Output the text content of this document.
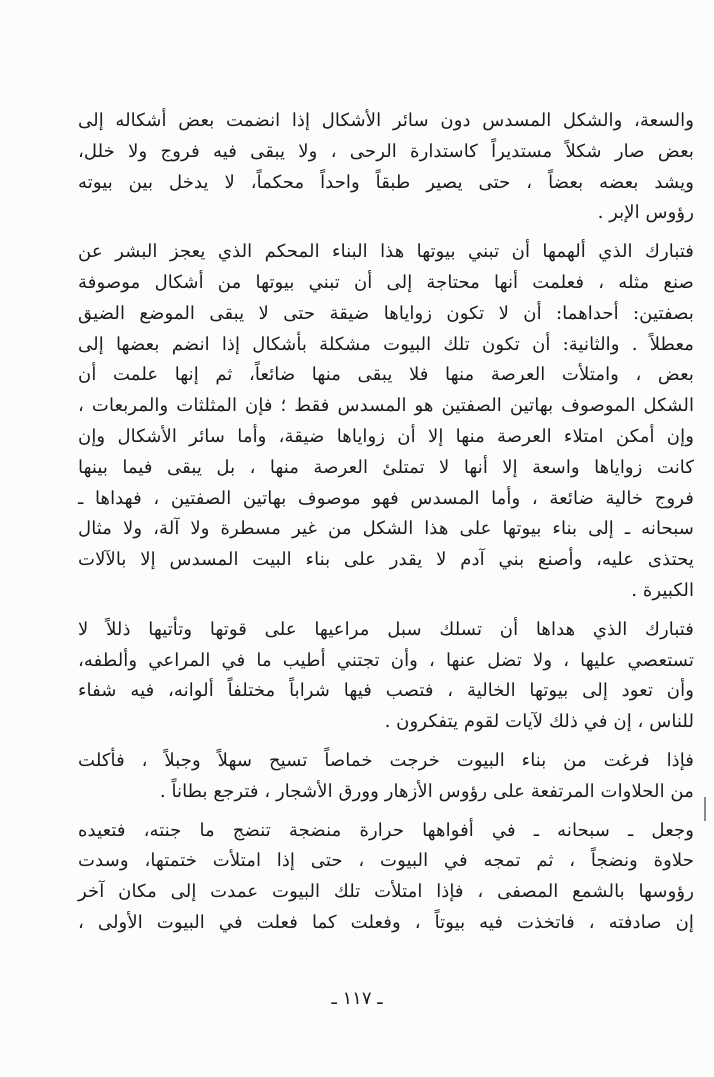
والسعة، والشكل المسدس دون سائر الأشكال إذا انضمت بعض أشكاله إلى
بعض صار شكلاً مستديراً كاستدارة الرحى ، ولا يبقى فيه فروج ولا خلل،
ويشد بعضه بعضاً ، حتى يصير طبقاً واحداً محكماً، لا يدخل بين بيوته
رؤوس الإبر .

فتبارك الذي ألهمها أن تبني بيوتها هذا البناء المحكم الذي يعجز البشر عن
صنع مثله ، فعلمت أنها محتاجة إلى أن تبني بيوتها من أشكال موصوفة
بصفتين: أحداهما: أن لا تكون زواياها ضيقة حتى لا يبقى الموضع الضيق
معطلاً . والثانية: أن تكون تلك البيوت مشكلة بأشكال إذا انضم بعضها إلى
بعض ، وامتلأت العرصة منها فلا يبقى منها ضائعاً، ثم إنها علمت أن
الشكل الموصوف بهاتين الصفتين هو المسدس فقط ؛ فإن المثلثات والمربعات ،
وإن أمكن امتلاء العرصة منها إلا أن زواياها ضيقة، وأما سائر الأشكال وإن
كانت زواياها واسعة إلا أنها لا تمتلئ العرصة منها ، بل يبقى فيما بينها
فروج خالية ضائعة ، وأما المسدس فهو موصوف بهاتين الصفتين ، فهداها ـ
سبحانه ـ إلى بناء بيوتها على هذا الشكل من غير مسطرة ولا آلة، ولا مثال
يحتذى عليه، وأصنع بني آدم لا يقدر على بناء البيت المسدس إلا بالآلات
الكبيرة .

فتبارك الذي هداها أن تسلك سبل مراعيها على قوتها وتأتيها ذللاً لا
تستعصي عليها ، ولا تضل عنها ، وأن تجتني أطيب ما في المراعي وألطفه،
وأن تعود إلى بيوتها الخالية ، فتصب فيها شراباً مختلفاً ألوانه، فيه شفاء
للناس ، إن في ذلك لآيات لقوم يتفكرون .

فإذا فرغت من بناء البيوت خرجت خماصاً تسيح سهلاً وجبلاً ، فأكلت
من الحلاوات المرتفعة على رؤوس الأزهار وورق الأشجار ، فترجع بطاناً .

وجعل ـ سبحانه ـ في أفواهها حرارة منضجة تنضج ما جنته، فتعيده
حلاوة ونضجاً ، ثم تمجه في البيوت ، حتى إذا امتلأت ختمتها، وسدت
رؤوسها بالشمع المصفى ، فإذا امتلأت تلك البيوت عمدت إلى مكان آخر
إن صادفته ، فاتخذت فيه بيوتاً ، وفعلت كما فعلت في البيوت الأولى ،

ـ ١١٧ ـ
